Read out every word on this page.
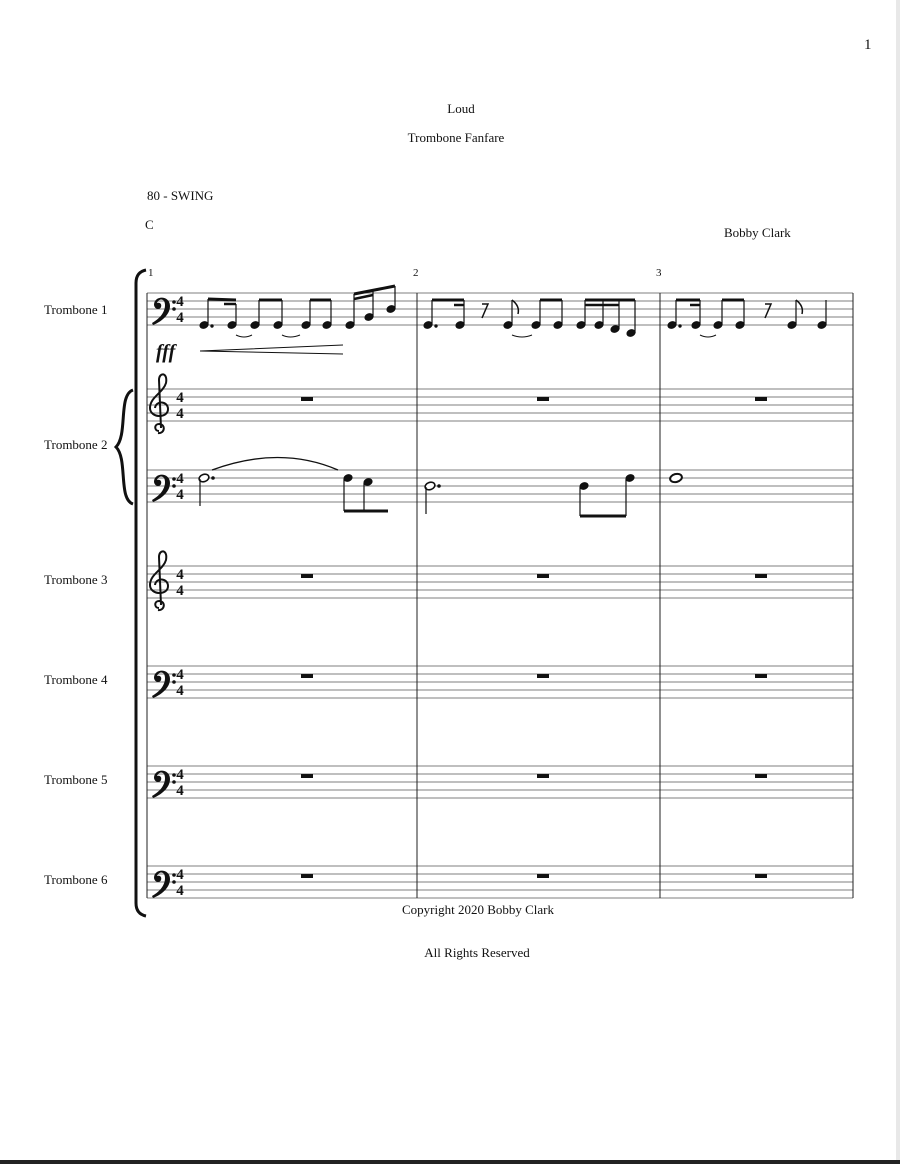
1
Loud
Trombone Fanfare
80 - SWING
C
Bobby Clark
1	2	3
Trombone 1
Trombone 2
Trombone 3
Trombone 4
Trombone 5
Trombone 6
4
4
4
4
4
4
4
4
4
4
4
4
4
4
fff
Copyright 2020 Bobby Clark
All Rights Reserved
